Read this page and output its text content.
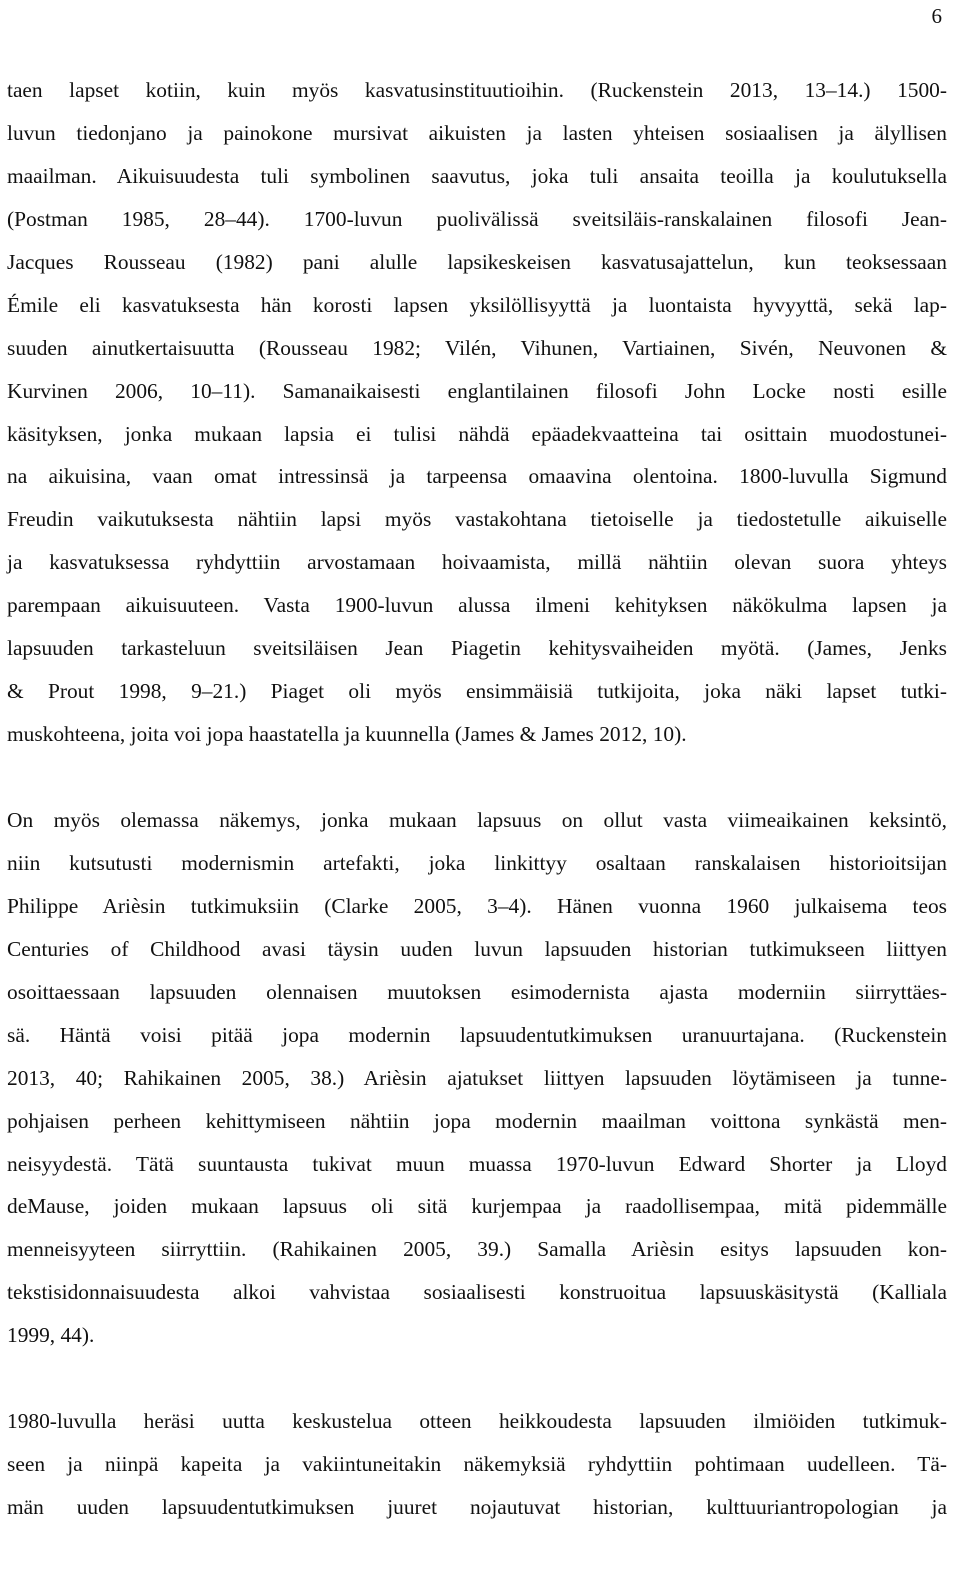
6
taen lapset kotiin, kuin myös kasvatusinstituutioihin. (Ruckenstein 2013, 13–14.) 1500-
luvun tiedonjano ja painokone mursivat aikuisten ja lasten yhteisen sosiaalisen ja älyllisen
maailman. Aikuisuudesta tuli symbolinen saavutus, joka tuli ansaita teoilla ja koulutuksella
(Postman 1985, 28–44). 1700-luvun puolivälissä sveitsiläis-ranskalainen filosofi Jean-
Jacques Rousseau (1982) pani alulle lapsikeskeisen kasvatusajattelun, kun teoksessaan
Émile eli kasvatuksesta hän korosti lapsen yksilöllisyyttä ja luontaista hyvyyttä, sekä lap-
suuden ainutkertaisuutta (Rousseau 1982; Vilén, Vihunen, Vartiainen, Sivén, Neuvonen &
Kurvinen 2006, 10–11). Samanaikaisesti englantilainen filosofi John Locke nosti esille
käsityksen, jonka mukaan lapsia ei tulisi nähdä epäadekvaatteina tai osittain muodostunei-
na aikuisina, vaan omat intressinsä ja tarpeensa omaavina olentoina. 1800-luvulla Sigmund
Freudin vaikutuksesta nähtiin lapsi myös vastakohtana tietoiselle ja tiedostetulle aikuiselle
ja kasvatuksessa ryhdyttiin arvostamaan hoivaamista, millä nähtiin olevan suora yhteys
parempaan aikuisuuteen. Vasta 1900-luvun alussa ilmeni kehityksen näkökulma lapsen ja
lapsuuden tarkasteluun sveitsiläisen Jean Piagetin kehitysvaiheiden myötä. (James, Jenks
& Prout 1998, 9–21.) Piaget oli myös ensimmäisiä tutkijoita, joka näki lapset tutki-
muskohteena, joita voi jopa haastatella ja kuunnella (James & James 2012, 10).
On myös olemassa näkemys, jonka mukaan lapsuus on ollut vasta viimeaikainen keksintö,
niin kutsutusti modernismin artefakti, joka linkittyy osaltaan ranskalaisen historioitsijan
Philippe Arièsin tutkimuksiin (Clarke 2005, 3–4). Hänen vuonna 1960 julkaisema teos
Centuries of Childhood avasi täysin uuden luvun lapsuuden historian tutkimukseen liittyen
osoittaessaan lapsuuden olennaisen muutoksen esimodernista ajasta moderniin siirryttäes-
sä. Häntä voisi pitää jopa modernin lapsuudentutkimuksen uranuurtajana. (Ruckenstein
2013, 40; Rahikainen 2005, 38.) Arièsin ajatukset liittyen lapsuuden löytämiseen ja tunne-
pohjaisen perheen kehittymiseen nähtiin jopa modernin maailman voittona synkästä men-
neisyydestä. Tätä suuntausta tukivat muun muassa 1970-luvun Edward Shorter ja Lloyd
deMause, joiden mukaan lapsuus oli sitä kurjempaa ja raadollisempaa, mitä pidemmälle
menneisyyteen siirryttiin. (Rahikainen 2005, 39.) Samalla Arièsin esitys lapsuuden kon-
tekstisidonnaisuudesta alkoi vahvistaa sosiaalisesti konstruoitua lapsuuskäsitystä (Kalliala
1999, 44).
1980-luvulla heräsi uutta keskustelua otteen heikkoudesta lapsuuden ilmiöiden tutkimuk-
seen ja niinpä kapeita ja vakiintuneitakin näkemyksiä ryhdyttiin pohtimaan uudelleen. Tä-
män uuden lapsuudentutkimuksen juuret nojautuvat historian, kulttuuriantropologian ja
